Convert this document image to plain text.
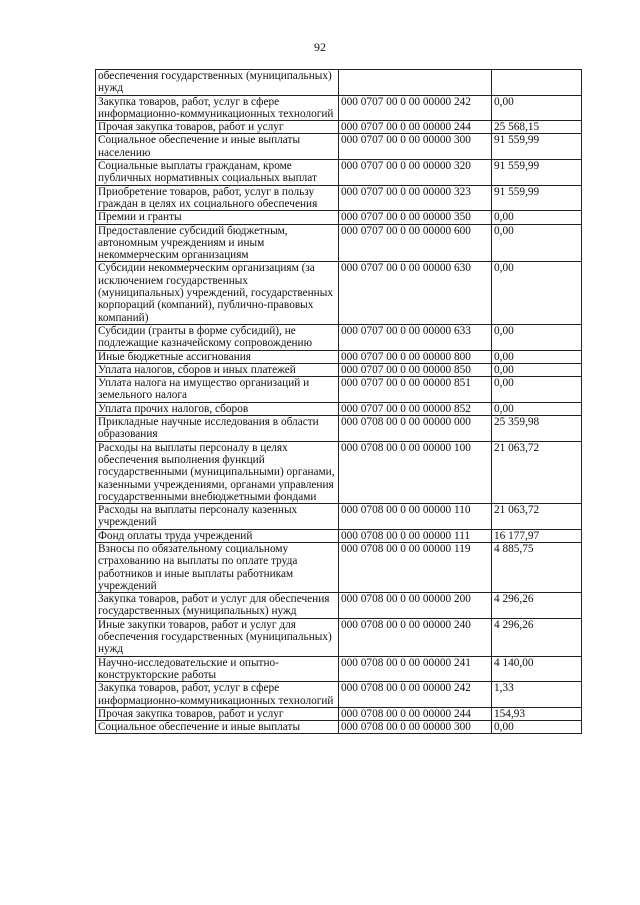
92
обеспечения государственных (муниципальных) нужд		
Закупка товаров, работ, услуг в сфере информационно-коммуникационных технологий	000 0707 00 0 00 00000 242	0,00
Прочая закупка товаров, работ и услуг	000 0707 00 0 00 00000 244	25 568,15
Социальное обеспечение и иные выплаты населению	000 0707 00 0 00 00000 300	91 559,99
Социальные выплаты гражданам, кроме публичных нормативных социальных выплат	000 0707 00 0 00 00000 320	91 559,99
Приобретение товаров, работ, услуг в пользу граждан в целях их социального обеспечения	000 0707 00 0 00 00000 323	91 559,99
Премии и гранты	000 0707 00 0 00 00000 350	0,00
Предоставление субсидий бюджетным, автономным учреждениям и иным некоммерческим организациям	000 0707 00 0 00 00000 600	0,00
Субсидии некоммерческим организациям (за исключением государственных (муниципальных) учреждений, государственных корпораций (компаний), публично-правовых компаний)	000 0707 00 0 00 00000 630	0,00
Субсидии (гранты в форме субсидий), не подлежащие казначейскому сопровождению	000 0707 00 0 00 00000 633	0,00
Иные бюджетные ассигнования	000 0707 00 0 00 00000 800	0,00
Уплата налогов, сборов и иных платежей	000 0707 00 0 00 00000 850	0,00
Уплата налога на имущество организаций и земельного налога	000 0707 00 0 00 00000 851	0,00
Уплата прочих налогов, сборов	000 0707 00 0 00 00000 852	0,00
Прикладные научные исследования в области образования	000 0708 00 0 00 00000 000	25 359,98
Расходы на выплаты персоналу в целях обеспечения выполнения функций государственными (муниципальными) органами, казенными учреждениями, органами управления государственными внебюджетными фондами	000 0708 00 0 00 00000 100	21 063,72
Расходы на выплаты персоналу казенных учреждений	000 0708 00 0 00 00000 110	21 063,72
Фонд оплаты труда учреждений	000 0708 00 0 00 00000 111	16 177,97
Взносы по обязательному социальному страхованию на выплаты по оплате труда работников и иные выплаты работникам учреждений	000 0708 00 0 00 00000 119	4 885,75
Закупка товаров, работ и услуг для обеспечения государственных (муниципальных) нужд	000 0708 00 0 00 00000 200	4 296,26
Иные закупки товаров, работ и услуг для обеспечения государственных (муниципальных) нужд	000 0708 00 0 00 00000 240	4 296,26
Научно-исследовательские и опытно-конструкторские работы	000 0708 00 0 00 00000 241	4 140,00
Закупка товаров, работ, услуг в сфере информационно-коммуникационных технологий	000 0708 00 0 00 00000 242	1,33
Прочая закупка товаров, работ и услуг	000 0708 00 0 00 00000 244	154,93
Социальное обеспечение и иные выплаты	000 0708 00 0 00 00000 300	0,00
